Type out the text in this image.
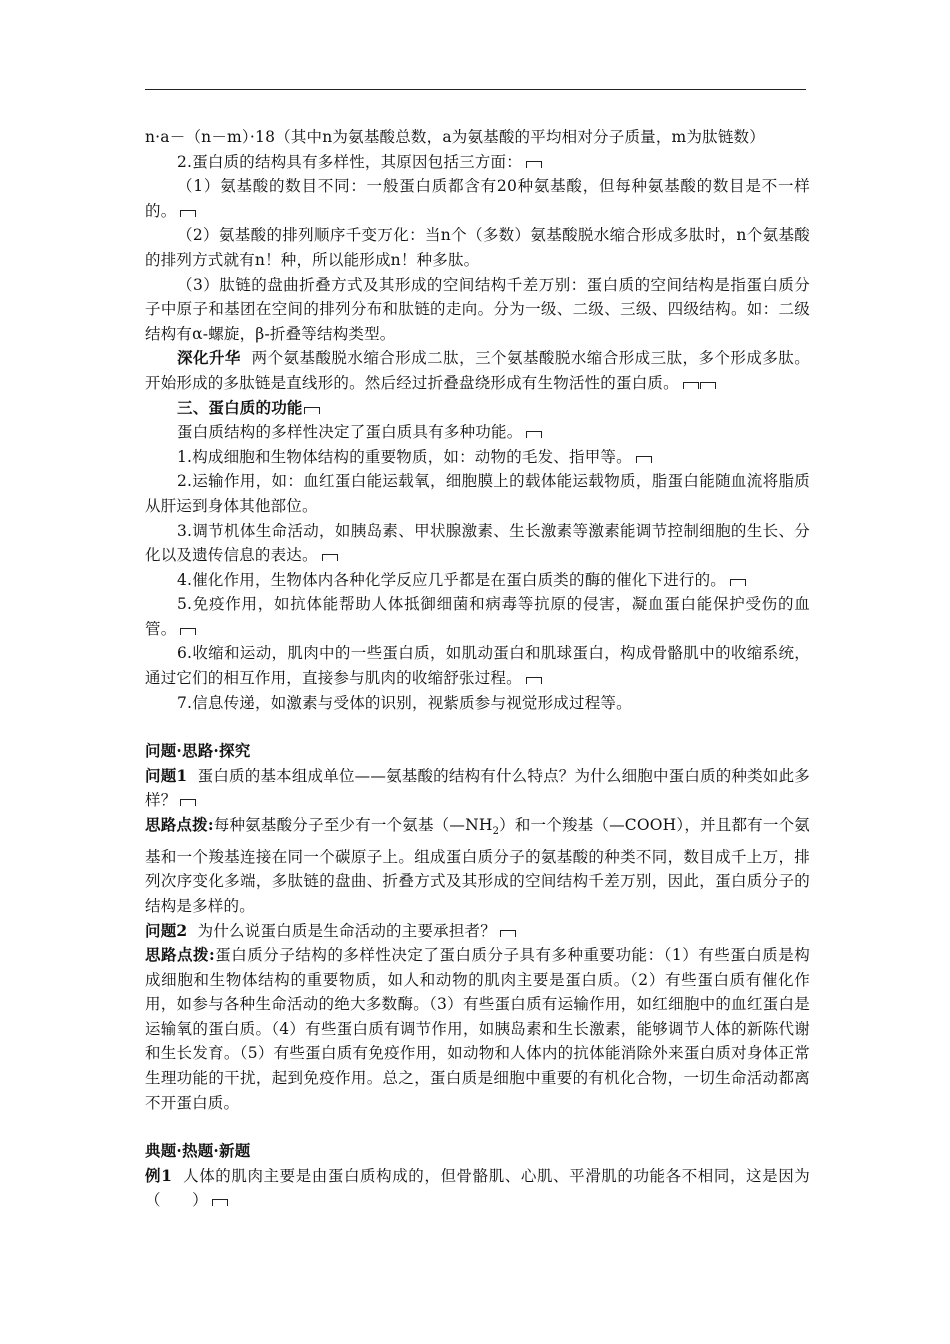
n·a－（n－m）·18（其中n为氨基酸总数，a为氨基酸的平均相对分子质量，m为肽链数）

2.蛋白质的结构具有多样性，其原因包括三方面：

（1）氨基酸的数目不同：一般蛋白质都含有20种氨基酸，但每种氨基酸的数目是不一样的。

（2）氨基酸的排列顺序千变万化：当n个（多数）氨基酸脱水缩合形成多肽时，n个氨基酸的排列方式就有n！种，所以能形成n！种多肽。

（3）肽链的盘曲折叠方式及其形成的空间结构千差万别：蛋白质的空间结构是指蛋白质分子中原子和基团在空间的排列分布和肽链的走向。分为一级、二级、三级、四级结构。如：二级结构有α-螺旋，β-折叠等结构类型。

深化升华 两个氨基酸脱水缩合形成二肽，三个氨基酸脱水缩合形成三肽，多个形成多肽。开始形成的多肽链是直线形的。然后经过折叠盘绕形成有生物活性的蛋白质。

三、蛋白质的功能

蛋白质结构的多样性决定了蛋白质具有多种功能。

1.构成细胞和生物体结构的重要物质，如：动物的毛发、指甲等。

2.运输作用，如：血红蛋白能运载氧，细胞膜上的载体能运载物质，脂蛋白能随血流将脂质从肝运到身体其他部位。

3.调节机体生命活动，如胰岛素、甲状腺激素、生长激素等激素能调节控制细胞的生长、分化以及遗传信息的表达。

4.催化作用，生物体内各种化学反应几乎都是在蛋白质类的酶的催化下进行的。

5.免疫作用，如抗体能帮助人体抵御细菌和病毒等抗原的侵害，凝血蛋白能保护受伤的血管。

6.收缩和运动，肌肉中的一些蛋白质，如肌动蛋白和肌球蛋白，构成骨骼肌中的收缩系统，通过它们的相互作用，直接参与肌肉的收缩舒张过程。

7.信息传递，如激素与受体的识别，视紫质参与视觉形成过程等。

问题·思路·探究

问题1 蛋白质的基本组成单位——氨基酸的结构有什么特点？为什么细胞中蛋白质的种类如此多样？

思路点拨:每种氨基酸分子至少有一个氨基$(—NH_2)$和一个羧基（—COOH），并且都有一个氨基和一个羧基连接在同一个碳原子上。组成蛋白质分子的氨基酸的种类不同，数目成千上万，排列次序变化多端，多肽链的盘曲、折叠方式及其形成的空间结构千差万别，因此，蛋白质分子的结构是多样的。

问题2 为什么说蛋白质是生命活动的主要承担者？

思路点拨:蛋白质分子结构的多样性决定了蛋白质分子具有多种重要功能：（1）有些蛋白质是构成细胞和生物体结构的重要物质，如人和动物的肌肉主要是蛋白质。（2）有些蛋白质有催化作用，如参与各种生命活动的绝大多数酶。（3）有些蛋白质有运输作用，如红细胞中的血红蛋白是运输氧的蛋白质。（4）有些蛋白质有调节作用，如胰岛素和生长激素，能够调节人体的新陈代谢和生长发育。（5）有些蛋白质有免疫作用，如动物和人体内的抗体能消除外来蛋白质对身体正常生理功能的干扰，起到免疫作用。总之，蛋白质是细胞中重要的有机化合物，一切生命活动都离不开蛋白质。

典题·热题·新题

例1 人体的肌肉主要是由蛋白质构成的，但骨骼肌、心肌、平滑肌的功能各不相同，这是因为（　　）
